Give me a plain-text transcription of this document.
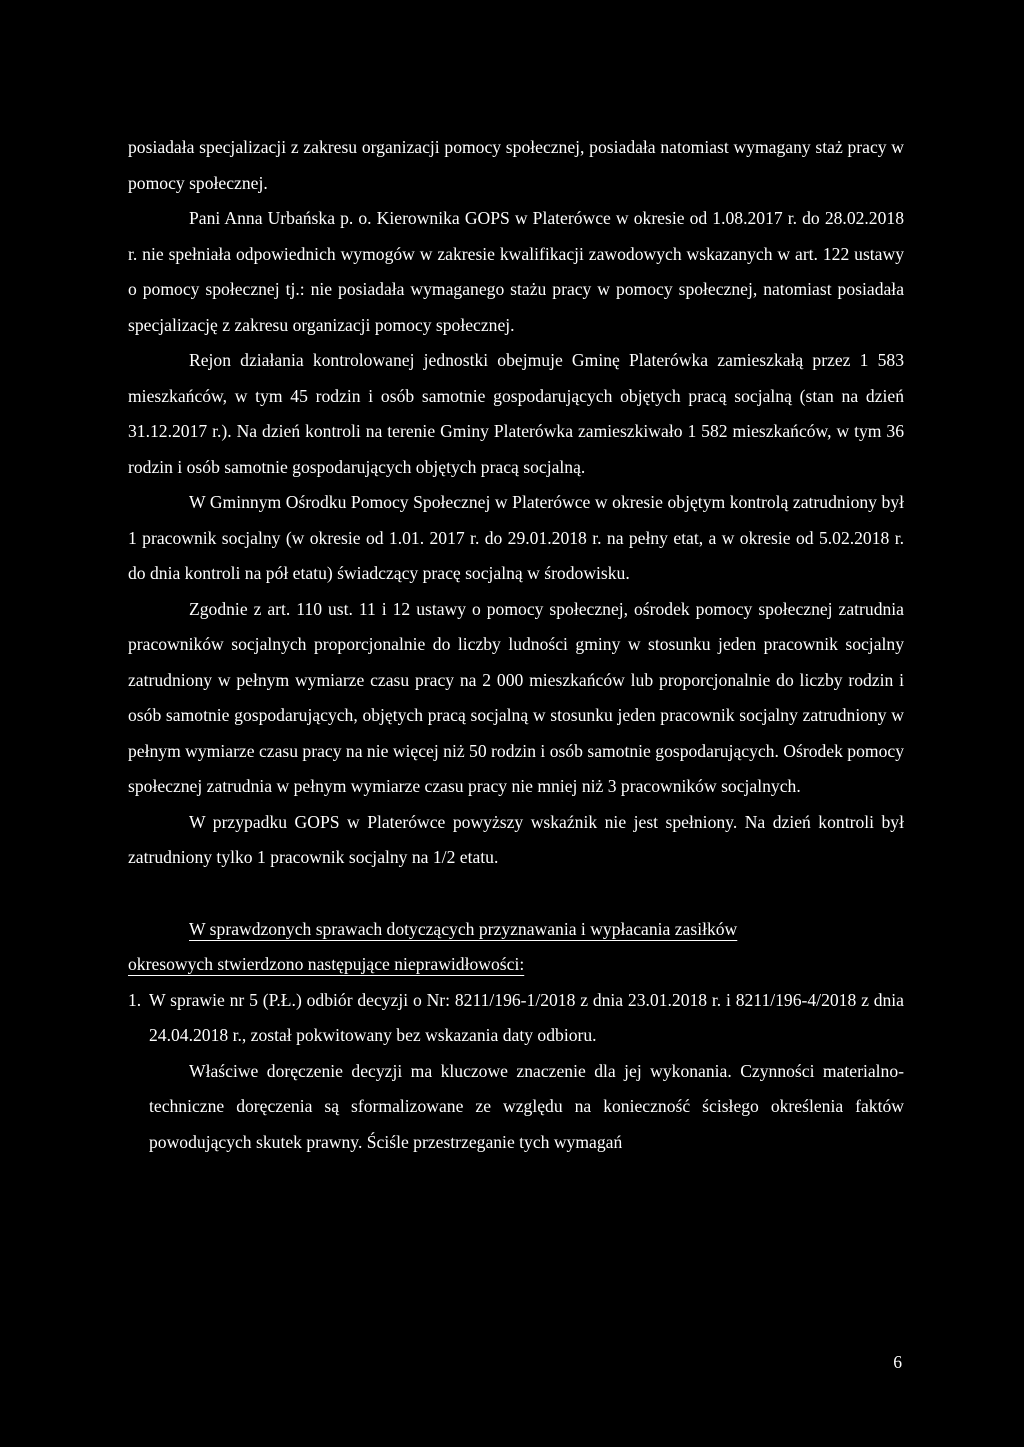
posiadała specjalizacji z zakresu organizacji pomocy społecznej, posiadała natomiast wymagany staż pracy w pomocy społecznej.

Pani Anna Urbańska p. o. Kierownika GOPS w Platerówce w okresie od 1.08.2017 r. do 28.02.2018 r. nie spełniała odpowiednich wymogów w zakresie kwalifikacji zawodowych wskazanych w art. 122 ustawy o pomocy społecznej tj.: nie posiadała wymaganego stażu pracy w pomocy społecznej, natomiast posiadała specjalizację z zakresu organizacji pomocy społecznej.

Rejon działania kontrolowanej jednostki obejmuje Gminę Platerówka zamieszkałą przez 1 583 mieszkańców, w tym 45 rodzin i osób samotnie gospodarujących objętych pracą socjalną (stan na dzień 31.12.2017 r.). Na dzień kontroli na terenie Gminy Platerówka zamieszkiwało 1 582 mieszkańców, w tym 36 rodzin i osób samotnie gospodarujących objętych pracą socjalną.

W Gminnym Ośrodku Pomocy Społecznej w Platerówce w okresie objętym kontrolą zatrudniony był 1 pracownik socjalny (w okresie od 1.01. 2017 r. do 29.01.2018 r. na pełny etat, a w okresie od 5.02.2018 r. do dnia kontroli na pół etatu) świadczący pracę socjalną w środowisku.

Zgodnie z art. 110 ust. 11 i 12 ustawy o pomocy społecznej, ośrodek pomocy społecznej zatrudnia pracowników socjalnych proporcjonalnie do liczby ludności gminy w stosunku jeden pracownik socjalny zatrudniony w pełnym wymiarze czasu pracy na 2 000 mieszkańców lub proporcjonalnie do liczby rodzin i osób samotnie gospodarujących, objętych pracą socjalną w stosunku jeden pracownik socjalny zatrudniony w pełnym wymiarze czasu pracy na nie więcej niż 50 rodzin i osób samotnie gospodarujących. Ośrodek pomocy społecznej zatrudnia w pełnym wymiarze czasu pracy nie mniej niż 3 pracowników socjalnych.

W przypadku GOPS w Platerówce powyższy wskaźnik nie jest spełniony. Na dzień kontroli był zatrudniony tylko 1 pracownik socjalny na 1/2 etatu.

W sprawdzonych sprawach dotyczących przyznawania i wypłacania zasiłków
okresowych stwierdzono następujące nieprawidłowości:

1. W sprawie nr 5 (P.Ł.) odbiór decyzji o Nr: 8211/196-1/2018 z dnia 23.01.2018 r. i 8211/196-4/2018 z dnia 24.04.2018 r., został pokwitowany bez wskazania daty odbioru.

Właściwe doręczenie decyzji ma kluczowe znaczenie dla jej wykonania. Czynności materialno-techniczne doręczenia są sformalizowane ze względu na konieczność ścisłego określenia faktów powodujących skutek prawny. Ściśle przestrzeganie tych wymagań

6
